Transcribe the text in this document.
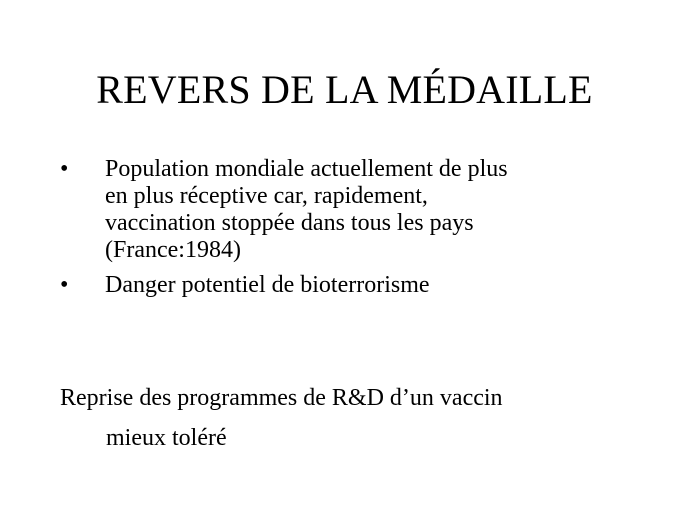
REVERS DE LA MÉDAILLE
• Population mondiale actuellement de plus
en plus réceptive car, rapidement,
vaccination stoppée dans tous les pays
(France:1984)
• Danger potentiel de bioterrorisme
Reprise des programmes de R&D d’un vaccin
mieux toléré
